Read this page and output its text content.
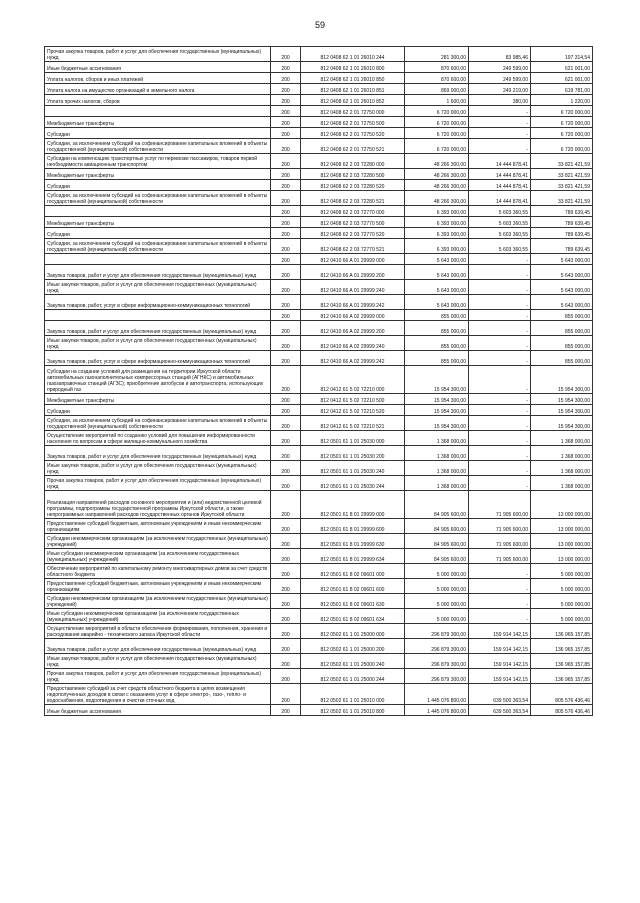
59
Прочая закупка товаров, работ и услуг для обеспечения государственных (муниципальных) нужд	200	812 0408 62 1 01 26010 244	281 300,00	83 985,46	197 314,54
Иные бюджетные ассигнования	200	812 0408 62 1 01 26010 800	870 600,00	249 599,00	621 001,00
Уплата налогов, сборов и иных платежей	200	812 0408 62 1 01 26010 850	870 600,00	249 599,00	621 001,00
Уплата налога на имущество организаций и земельного налога	200	812 0408 62 1 01 26010 851	869 000,00	249 219,00	619 781,00
Уплата прочих налогов, сборов	200	812 0408 62 1 01 26010 852	1 600,00	380,00	1 220,00
	200	812 0408 62 2 01 72750 000	6 720 000,00	-	6 720 000,00
Межбюджетные трансферты	200	812 0408 62 2 01 72750 500	6 720 000,00	-	6 720 000,00
Субсидии	200	812 0408 62 2 01 72750 520	6 720 000,00	-	6 720 000,00
Субсидии, за исключением субсидий на софинансирование капитальных вложений в объекты государственной (муниципальной) собственности	200	812 0408 62 2 01 72750 521	6 720 000,00	-	6 720 000,00
Субсидии на компенсацию транспортных услуг по перевозке пассажиров, товаров первой необходимости авиационным транспортом	200	812 0408 62 2 03 72280 000	48 266 300,00	14 444 878,41	33 821 421,59
Межбюджетные трансферты	200	812 0408 62 2 03 72280 500	48 266 300,00	14 444 878,41	33 821 421,59
Субсидии	200	812 0408 62 2 03 72280 520	48 266 300,00	14 444 878,41	33 821 421,59
Субсидии, за исключением субсидий на софинансирование капитальных вложений в объекты государственной (муниципальной) собственности	200	812 0408 62 2 03 72280 521	48 266 300,00	14 444 878,41	33 821 421,59
	200	812 0408 62 2 03 72770 000	6 393 000,00	5 603 360,55	789 639,45
Межбюджетные трансферты	200	812 0408 62 2 03 72770 500	6 393 000,00	5 603 360,55	789 639,45
Субсидии	200	812 0408 62 2 03 72770 520	6 393 000,00	5 603 360,55	789 639,45
Субсидии, за исключением субсидий на софинансирование капитальных вложений в объекты государственной (муниципальной) собственности	200	812 0408 62 2 03 72770 521	6 393 000,00	5 603 360,55	789 639,45
	200	812 0410 66 A 01 29999 000	5 643 000,00	-	5 643 000,00
Закупка товаров, работ и услуг для обеспечения государственных (муниципальных) нужд	200	812 0410 66 A 01 29999 200	5 643 000,00	-	5 643 000,00
Иные закупки товаров, работ и услуг для обеспечения государственных (муниципальных) нужд	200	812 0410 66 A 01 29999 240	5 643 000,00	-	5 643 000,00
Закупка товаров, работ, услуг в сфере информационно-коммуникационных технологий	200	812 0410 66 A 01 29999 242	5 643 000,00	-	5 643 000,00
	200	812 0410 66 A 02 29999 000	855 000,00	-	855 000,00
Закупка товаров, работ и услуг для обеспечения государственных (муниципальных) нужд	200	812 0410 66 A 02 29999 200	855 000,00	-	855 000,00
Иные закупки товаров, работ и услуг для обеспечения государственных (муниципальных) нужд	200	812 0410 66 A 02 29999 240	855 000,00	-	855 000,00
Закупка товаров, работ, услуг в сфере информационно-коммуникационных технологий	200	812 0410 66 A 02 29999 242	855 000,00	-	855 000,00
Субсидии на создание условий для размещения на территории Иркутской области автомобильных газонаполнительных компрессорных станций (АГНКС) и автомобильных газозаправочных станций (АГЗС); приобретение автобусов и автотранспорта, использующих природный газ	200	812 0412 61 5 02 72210 000	15 954 300,00	-	15 954 300,00
Межбюджетные трансферты	200	812 0412 61 5 02 72210 500	15 954 300,00	-	15 954 300,00
Субсидии	200	812 0412 61 5 02 72210 520	15 954 300,00	-	15 954 300,00
Субсидии, за исключением субсидий на софинансирование капитальных вложений в объекты государственной (муниципальной) собственности	200	812 0412 61 5 02 72210 521	15 954 300,00	-	15 954 300,00
Осуществление мероприятий по созданию условий для повышения информированности населения по вопросам в сфере жилищно-коммунального хозяйства	200	812 0501 61 1 01 25030 000	1 368 000,00	-	1 368 000,00
Закупка товаров, работ и услуг для обеспечения государственных (муниципальных) нужд	200	812 0501 61 1 01 25030 200	1 368 000,00	-	1 368 000,00
Иные закупки товаров, работ и услуг для обеспечения государственных (муниципальных) нужд	200	812 0501 61 1 01 25030 240	1 368 000,00	-	1 368 000,00
Прочая закупка товаров, работ и услуг для обеспечения государственных (муниципальных) нужд	200	812 0501 61 1 01 25030 244	1 368 000,00	-	1 368 000,00
Реализация направлений расходов основного мероприятия и (или) ведомственной целевой программы, подпрограммы государственной программы Иркутской области, а также непрограммных направлений расходов государственных органов Иркутской области	200	812 0501 61 8 01 29999 000	84 905 600,00	71 905 600,00	13 000 000,00
Предоставление субсидий бюджетным, автономным учреждениям и иным некоммерческим организациям	200	812 0501 61 8 01 29999 600	84 905 600,00	71 905 600,00	13 000 000,00
Субсидии некоммерческим организациям (за исключением государственных (муниципальных) учреждений)	200	812 0501 61 8 01 29999 630	84 905 600,00	71 905 600,00	13 000 000,00
Иные субсидии некоммерческим организациям (за исключением государственных (муниципальных) учреждений)	200	812 0501 61 8 01 29999 634	84 905 600,00	71 905 600,00	13 000 000,00
Обеспечение мероприятий по капитальному ремонту многоквартирных домов за счет средств областного бюджета	200	812 0501 61 8 02 09601 000	5 000 000,00	-	5 000 000,00
Предоставление субсидий бюджетным, автономным учреждениям и иным некоммерческим организациям	200	812 0501 61 8 02 09601 600	5 000 000,00	-	5 000 000,00
Субсидии некоммерческим организациям (за исключением государственных (муниципальных) учреждений)	200	812 0501 61 8 02 09601 630	5 000 000,00	-	5 000 000,00
Иные субсидии некоммерческим организациям (за исключением государственных (муниципальных) учреждений)	200	812 0501 61 8 02 09601 634	5 000 000,00	-	5 000 000,00
Осуществление мероприятий в области обеспечения формирования, пополнения, хранения и расходования аварийно - технического запаса Иркутской области	200	812 0502 61 1 01 25000 000	296 879 300,00	159 914 142,15	136 965 157,85
Закупка товаров, работ и услуг для обеспечения государственных (муниципальных) нужд	200	812 0502 61 1 01 25000 200	296 879 300,00	159 914 142,15	136 965 157,85
Иные закупки товаров, работ и услуг для обеспечения государственных (муниципальных) нужд	200	812 0502 61 1 01 25000 240	296 879 300,00	159 914 142,15	136 965 157,85
Прочая закупка товаров, работ и услуг для обеспечения государственных (муниципальных) нужд	200	812 0502 61 1 01 25000 244	296 879 300,00	159 914 142,15	136 965 157,85
Предоставление субсидий за счет средств областного бюджета в целях возмещения недополученных доходов в связи с оказанием услуг в сфере электро-, газо-, тепло- и водоснабжения, водоотведения и очистки сточных вод	200	812 0502 61 1 01 25010 000	1 445 076 800,00	639 500 363,54	805 576 436,46
Иные бюджетные ассигнования	200	812 0502 61 1 01 25010 800	1 445 076 800,00	639 500 363,54	805 576 436,46
